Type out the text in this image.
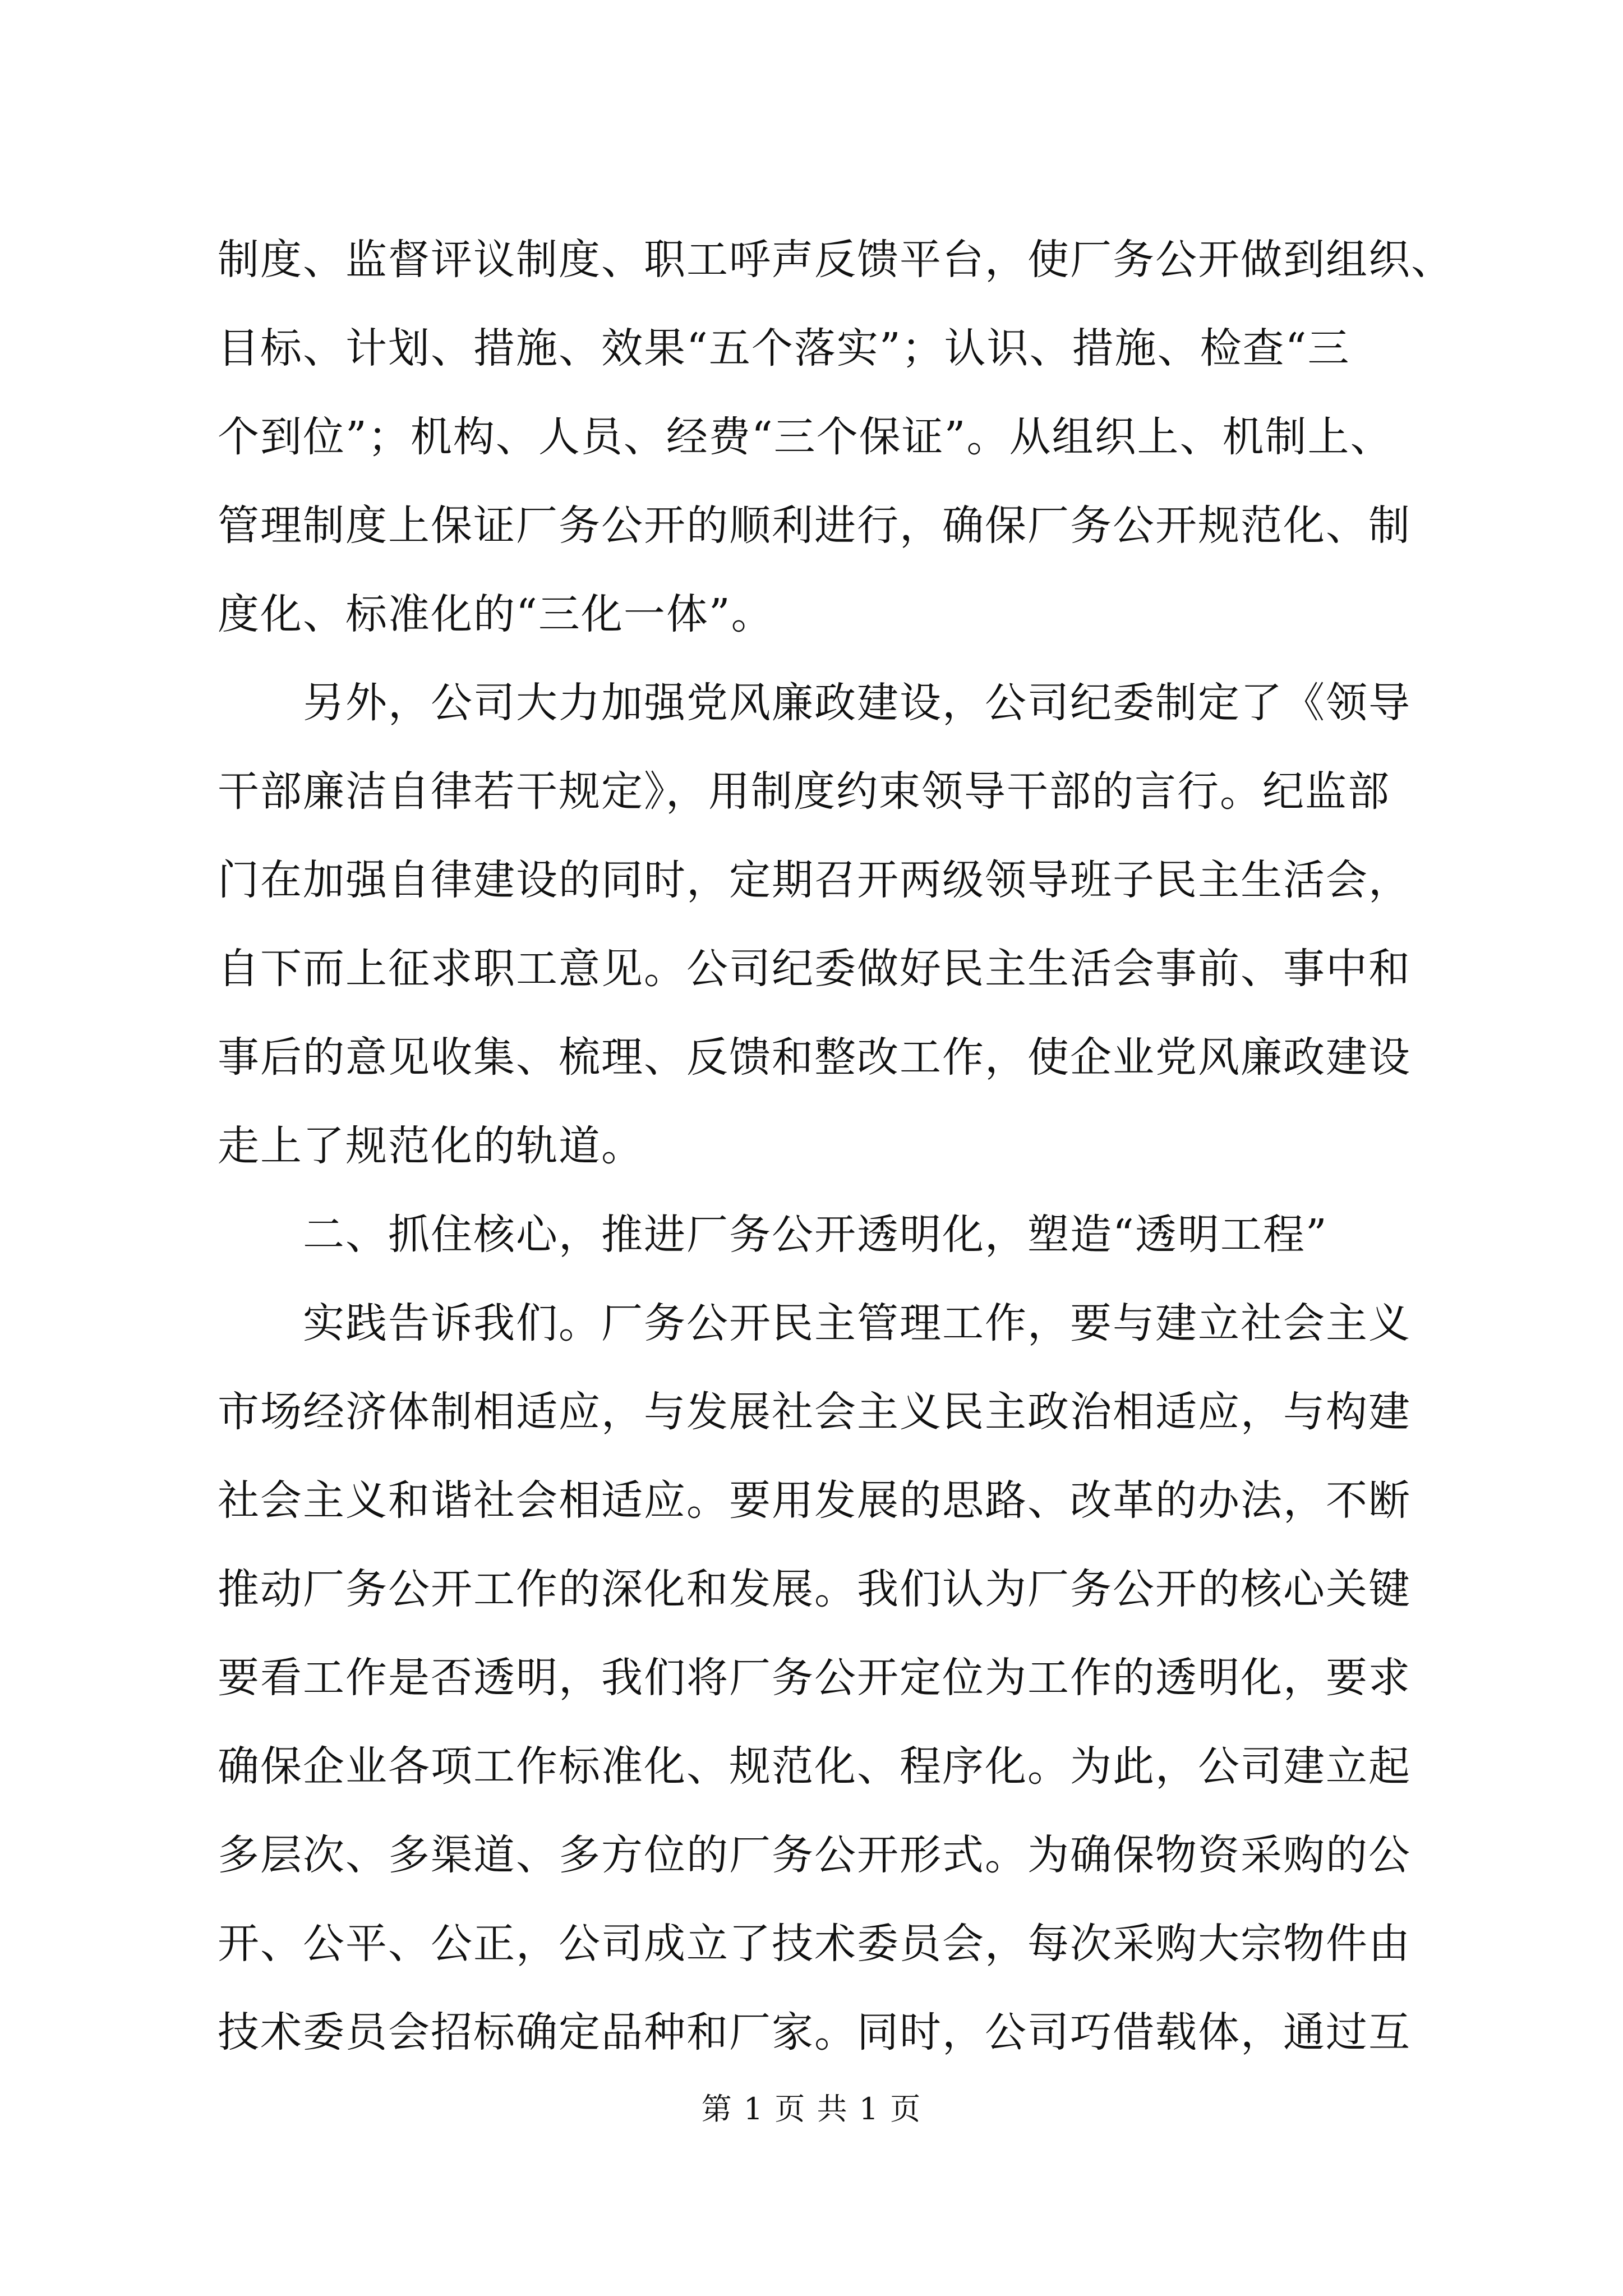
制度、监督评议制度、职工呼声反馈平台，使厂务公开做到组织、
目标、计划、措施、效果“五个落实”；认识、措施、检查“三
个到位”；机构、人员、经费“三个保证”。从组织上、机制上、
管理制度上保证厂务公开的顺利进行，确保厂务公开规范化、制
度化、标准化的“三化一体”。
另外，公司大力加强党风廉政建设，公司纪委制定了《领导
干部廉洁自律若干规定》，用制度约束领导干部的言行。纪监部
门在加强自律建设的同时，定期召开两级领导班子民主生活会，
自下而上征求职工意见。公司纪委做好民主生活会事前、事中和
事后的意见收集、梳理、反馈和整改工作，使企业党风廉政建设
走上了规范化的轨道。
二、抓住核心，推进厂务公开透明化，塑造“透明工程”
实践告诉我们。厂务公开民主管理工作，要与建立社会主义
市场经济体制相适应，与发展社会主义民主政治相适应，与构建
社会主义和谐社会相适应。要用发展的思路、改革的办法，不断
推动厂务公开工作的深化和发展。我们认为厂务公开的核心关键
要看工作是否透明，我们将厂务公开定位为工作的透明化，要求
确保企业各项工作标准化、规范化、程序化。为此，公司建立起
多层次、多渠道、多方位的厂务公开形式。为确保物资采购的公
开、公平、公正，公司成立了技术委员会，每次采购大宗物件由
技术委员会招标确定品种和厂家。同时，公司巧借载体，通过互
第 1 页 共 1 页
